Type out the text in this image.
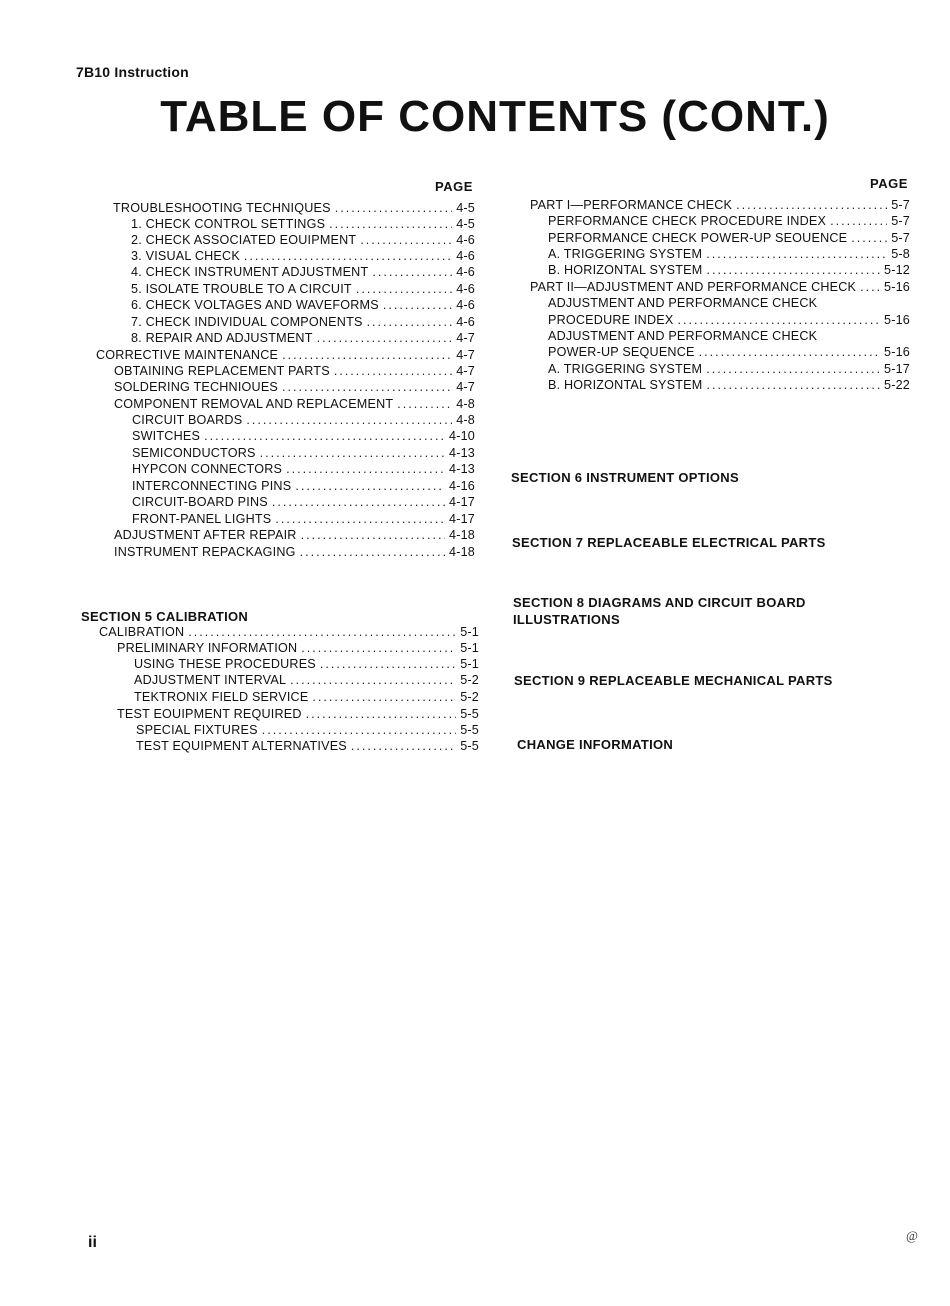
7B10 Instruction
TABLE OF CONTENTS (CONT.)
PAGE
TROUBLESHOOTING TECHNIQUES .....	4-5
1. CHECK CONTROL SETTINGS .....	4-5
2. CHECK ASSOCIATED EOUIPMENT .....	4-6
3. VISUAL CHECK .....	4-6
4. CHECK INSTRUMENT ADJUSTMENT .....	4-6
5. ISOLATE TROUBLE TO A CIRCUIT .....	4-6
6. CHECK VOLTAGES AND WAVEFORMS .....	4-6
7. CHECK INDIVIDUAL COMPONENTS .....	4-6
8. REPAIR AND ADJUSTMENT .....	4-7
CORRECTIVE MAINTENANCE .....	4-7
OBTAINING REPLACEMENT PARTS .....	4-7
SOLDERING TECHNIOUES .....	4-7
COMPONENT REMOVAL AND REPLACEMENT .....	4-8
CIRCUIT BOARDS .....	4-8
SWITCHES .....	4-10
SEMICONDUCTORS .....	4-13
HYPCON CONNECTORS .....	4-13
INTERCONNECTING PINS .....	4-16
CIRCUIT-BOARD PINS .....	4-17
FRONT-PANEL LIGHTS .....	4-17
ADJUSTMENT AFTER REPAIR .....	4-18
INSTRUMENT REPACKAGING .....	4-18
SECTION 5 CALIBRATION
CALIBRATION .....	5-1
PRELIMINARY INFORMATION .....	5-1
USING THESE PROCEDURES .....	5-1
ADJUSTMENT INTERVAL .....	5-2
TEKTRONIX FIELD SERVICE .....	5-2
TEST EOUIPMENT REQUIRED .....	5-5
SPECIAL FIXTURES .....	5-5
TEST EQUIPMENT ALTERNATIVES .....	5-5
PAGE
PART I—PERFORMANCE CHECK .....	5-7
PERFORMANCE CHECK PROCEDURE INDEX .....	5-7
PERFORMANCE CHECK POWER-UP SEOUENCE .....	5-7
A. TRIGGERING SYSTEM .....	5-8
B. HORIZONTAL SYSTEM .....	5-12
PART II—ADJUSTMENT AND PERFORMANCE CHECK ..... 5-16
ADJUSTMENT AND PERFORMANCE CHECK
PROCEDURE INDEX .....	5-16
ADJUSTMENT AND PERFORMANCE CHECK
POWER-UP SEQUENCE .....	5-16
A. TRIGGERING SYSTEM .....	5-17
B. HORIZONTAL SYSTEM .....	5-22
SECTION 6 INSTRUMENT OPTIONS
SECTION 7 REPLACEABLE ELECTRICAL PARTS
SECTION 8 DIAGRAMS AND CIRCUIT BOARD ILLUSTRATIONS
SECTION 9 REPLACEABLE MECHANICAL PARTS
CHANGE INFORMATION
ii	@
